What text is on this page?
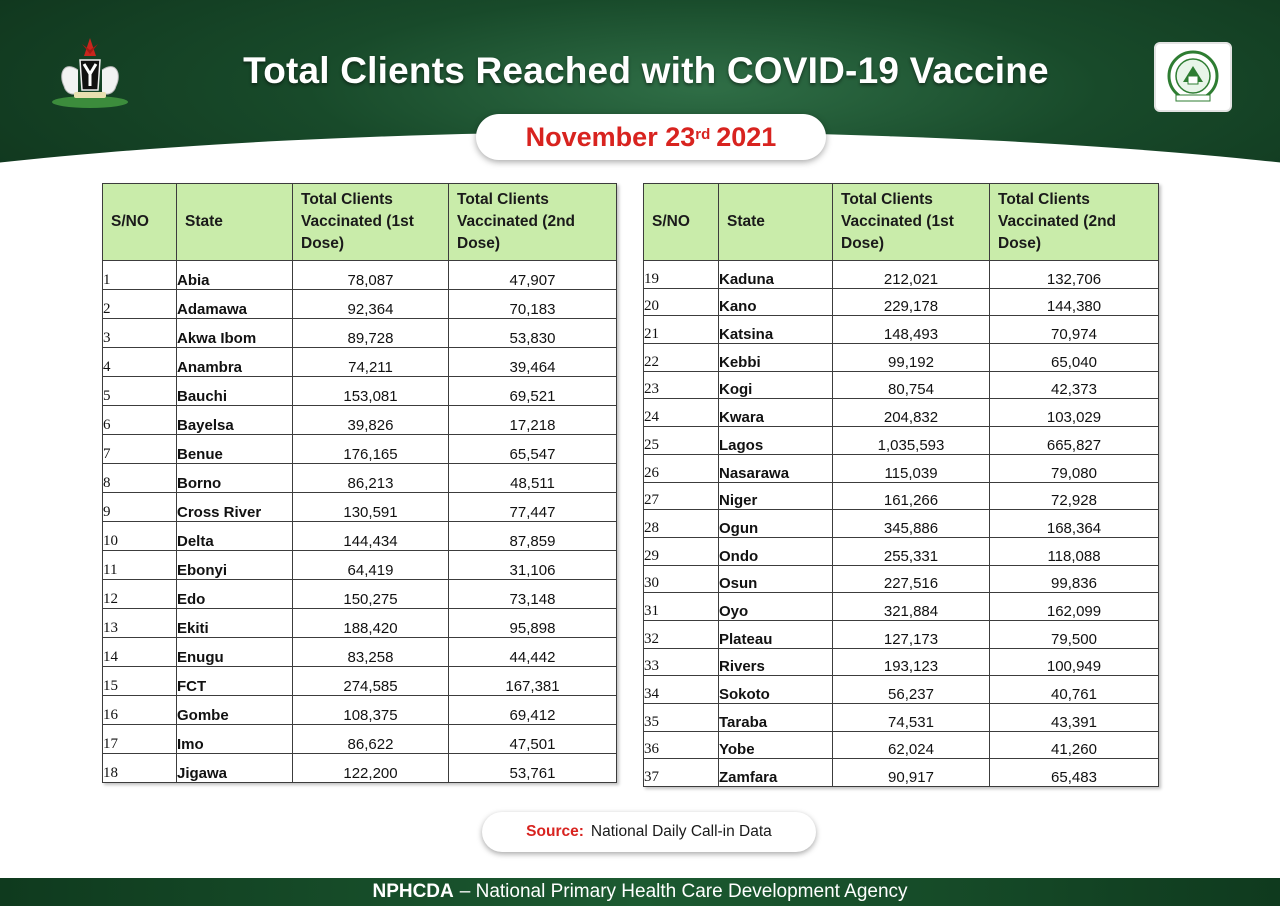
Total Clients Reached with COVID-19 Vaccine
November 23rd 2021
S/NO	State	Total Clients Vaccinated (1st Dose)	Total Clients Vaccinated (2nd Dose)
1	Abia	78,087	47,907
2	Adamawa	92,364	70,183
3	Akwa Ibom	89,728	53,830
4	Anambra	74,211	39,464
5	Bauchi	153,081	69,521
6	Bayelsa	39,826	17,218
7	Benue	176,165	65,547
8	Borno	86,213	48,511
9	Cross River	130,591	77,447
10	Delta	144,434	87,859
11	Ebonyi	64,419	31,106
12	Edo	150,275	73,148
13	Ekiti	188,420	95,898
14	Enugu	83,258	44,442
15	FCT	274,585	167,381
16	Gombe	108,375	69,412
17	Imo	86,622	47,501
18	Jigawa	122,200	53,761
S/NO	State	Total Clients Vaccinated (1st Dose)	Total Clients Vaccinated (2nd Dose)
19	Kaduna	212,021	132,706
20	Kano	229,178	144,380
21	Katsina	148,493	70,974
22	Kebbi	99,192	65,040
23	Kogi	80,754	42,373
24	Kwara	204,832	103,029
25	Lagos	1,035,593	665,827
26	Nasarawa	115,039	79,080
27	Niger	161,266	72,928
28	Ogun	345,886	168,364
29	Ondo	255,331	118,088
30	Osun	227,516	99,836
31	Oyo	321,884	162,099
32	Plateau	127,173	79,500
33	Rivers	193,123	100,949
34	Sokoto	56,237	40,761
35	Taraba	74,531	43,391
36	Yobe	62,024	41,260
37	Zamfara	90,917	65,483
Source: National Daily Call-in Data
NPHCDA – National Primary Health Care Development Agency
